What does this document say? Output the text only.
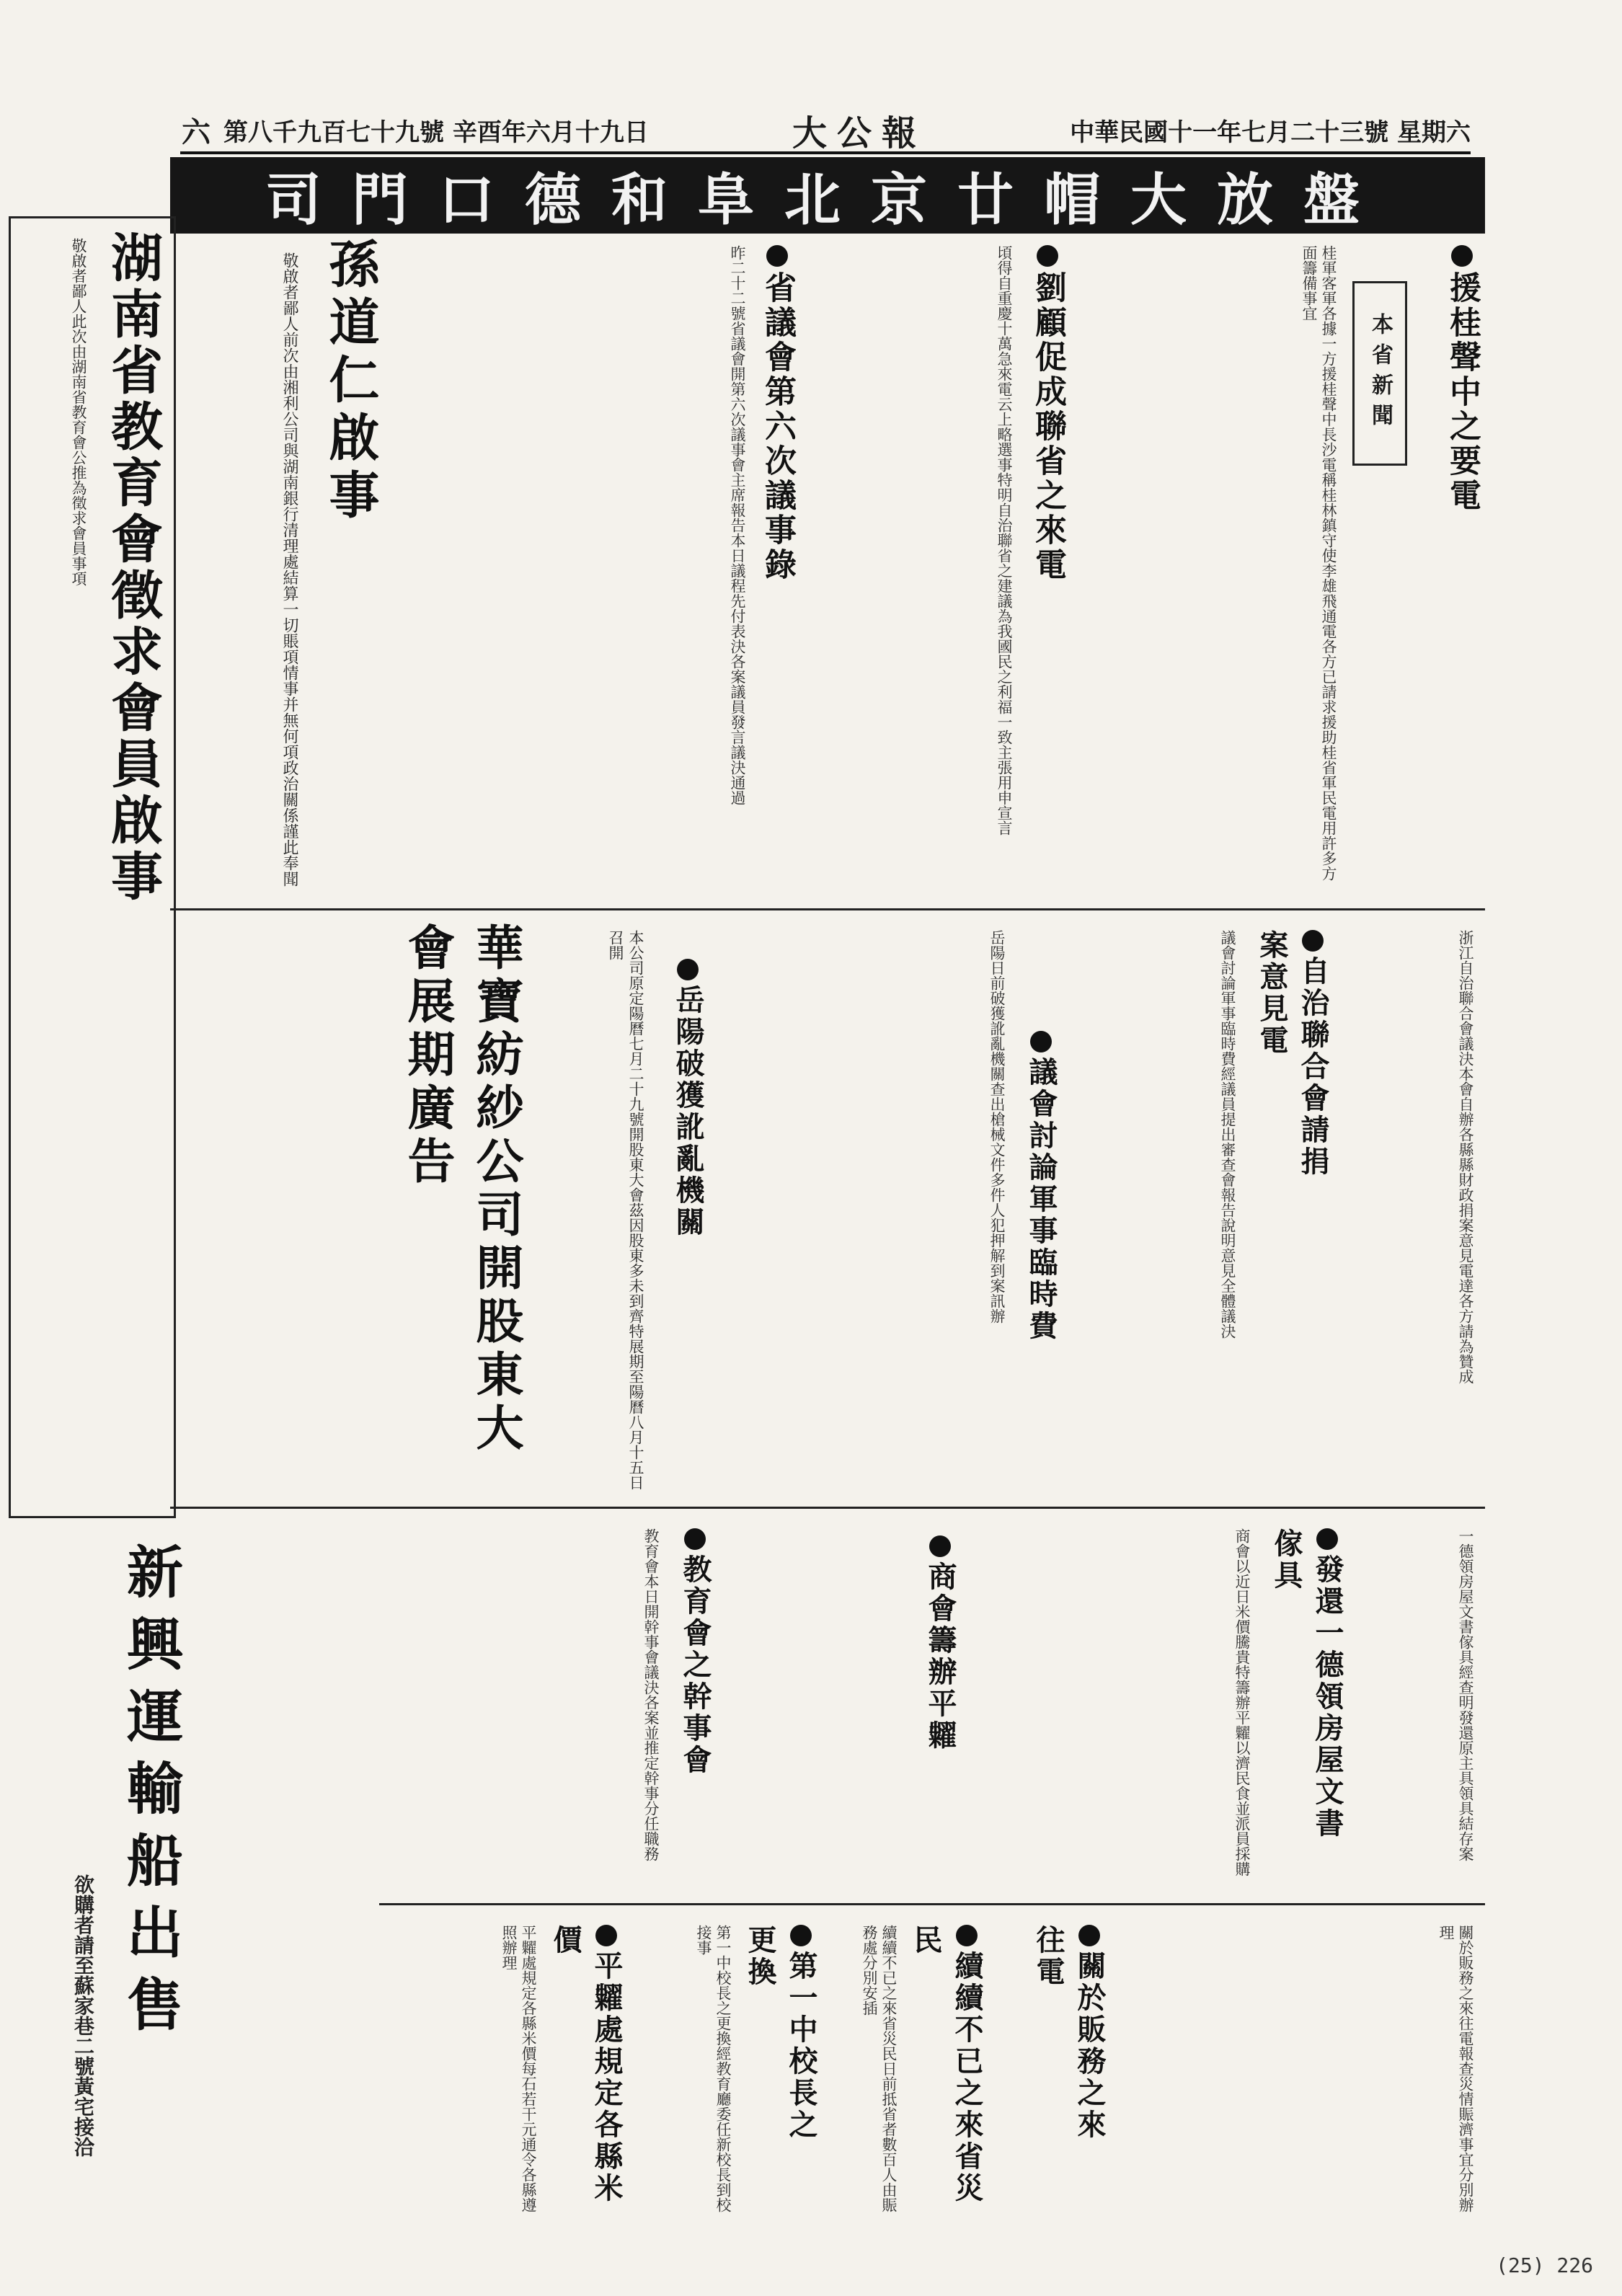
六 第八千九百七十九號 辛酉年六月十九日	大公報	中華民國十一年七月二十三號 星期六
司門口德和阜北京廿帽大放盤
湖南省教育會徵求會員啟事
敬啟者鄙人此次由湖南省教育會公推為徵求會員事項
新興運輸船出售
欲購者請至蘇家巷二號黃宅接洽
本省新聞	援桂聲中之要電
桂軍客軍各據一方援桂聲中長沙電稱桂林鎮守使李雄飛通電各方已請求援助桂省軍民電用許多方面籌備事宜
劉顧促成聯省之來電
頃得自重慶十萬急來電云上略選事特明自治聯省之建議為我國民之利福一致主張用申宣言
省議會第六次議事錄
昨二十二號省議會開第六次議事會主席報告本日議程先付表決各案議員發言議決通過
孫道仁啟事
敬啟者鄙人前次由湘利公司與湖南銀行清理處結算一切賬項情事并無何項政治關係謹此奉聞
自治聯合會請捐案意見電	浙江自治聯合會議決本會自辦各縣縣財政捐案意見電達各方請為贊成
議會討論軍事臨時費	議會討論軍事臨時費經議員提出審查會報告說明意見全體議決
岳陽破獲訛亂機關	岳陽日前破獲訛亂機關查出槍械文件多件人犯押解到案訊辦
華寶紡紗公司開股東大會展期廣告	本公司原定陽曆七月二十九號開股東大會茲因股東多未到齊特展期至陽曆八月十五日召開
發還一德領房屋文書傢具	一德領房屋文書傢具經查明發還原主具領具結存案
商會籌辦平糶	商會以近日米價騰貴特籌辦平糶以濟民食並派員採購
教育會之幹事會
教育會本日開幹事會議決各案並推定幹事分任職務
關於販務之來往電	關於販務之來往電報查災情賑濟事宜分別辦理
續續不已之來省災民
續續不已之來省災民日前抵省者數百人由賑務處分別安插
第一中校長之更換
第一中校長之更換經教育廳委任新校長到校接事
平糶處規定各縣米價
平糶處規定各縣米價每石若干元通令各縣遵照辦理
(25) 226
